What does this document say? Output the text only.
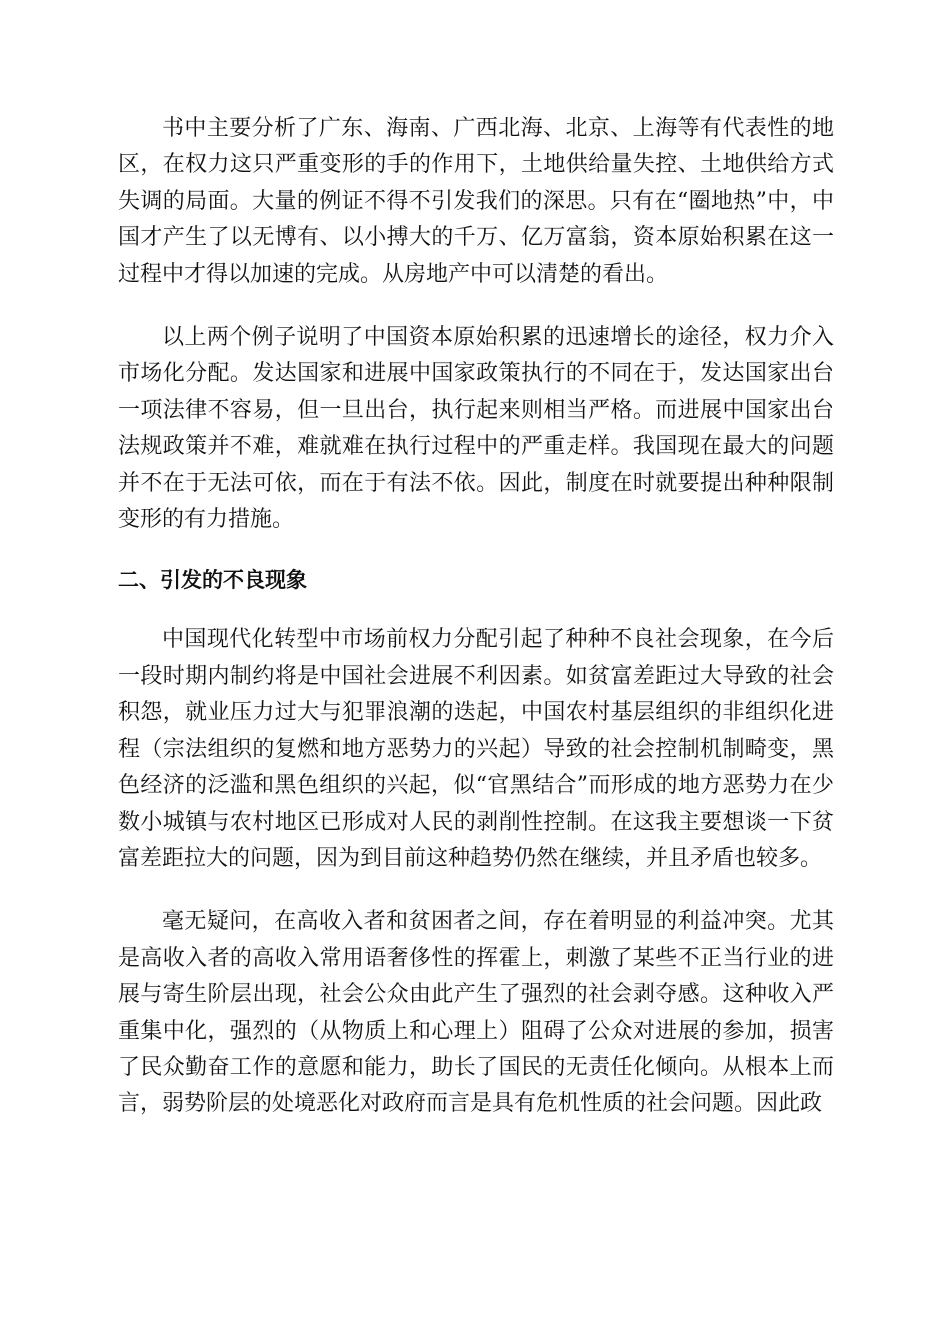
书中主要分析了广东、海南、广西北海、北京、上海等有代表性的地区，在权力这只严重变形的手的作用下，土地供给量失控、土地供给方式失调的局面。大量的例证不得不引发我们的深思。只有在“圈地热”中，中国才产生了以无博有、以小搏大的千万、亿万富翁，资本原始积累在这一过程中才得以加速的完成。从房地产中可以清楚的看出。

以上两个例子说明了中国资本原始积累的迅速增长的途径，权力介入市场化分配。发达国家和进展中国家政策执行的不同在于，发达国家出台一项法律不容易，但一旦出台，执行起来则相当严格。而进展中国家出台法规政策并不难，难就难在执行过程中的严重走样。我国现在最大的问题并不在于无法可依，而在于有法不依。因此，制度在时就要提出种种限制变形的有力措施。

二、引发的不良现象

中国现代化转型中市场前权力分配引起了种种不良社会现象，在今后一段时期内制约将是中国社会进展不利因素。如贫富差距过大导致的社会积怨，就业压力过大与犯罪浪潮的迭起，中国农村基层组织的非组织化进程（宗法组织的复燃和地方恶势力的兴起）导致的社会控制机制畸变，黑色经济的泛滥和黑色组织的兴起，似“官黑结合”而形成的地方恶势力在少数小城镇与农村地区已形成对人民的剥削性控制。在这我主要想谈一下贫富差距拉大的问题，因为到目前这种趋势仍然在继续，并且矛盾也较多。

毫无疑问，在高收入者和贫困者之间，存在着明显的利益冲突。尤其是高收入者的高收入常用语奢侈性的挥霍上，刺激了某些不正当行业的进展与寄生阶层出现，社会公众由此产生了强烈的社会剥夺感。这种收入严重集中化，强烈的（从物质上和心理上）阻碍了公众对进展的参加，损害了民众勤奋工作的意愿和能力，助长了国民的无责任化倾向。从根本上而言，弱势阶层的处境恶化对政府而言是具有危机性质的社会问题。因此政
